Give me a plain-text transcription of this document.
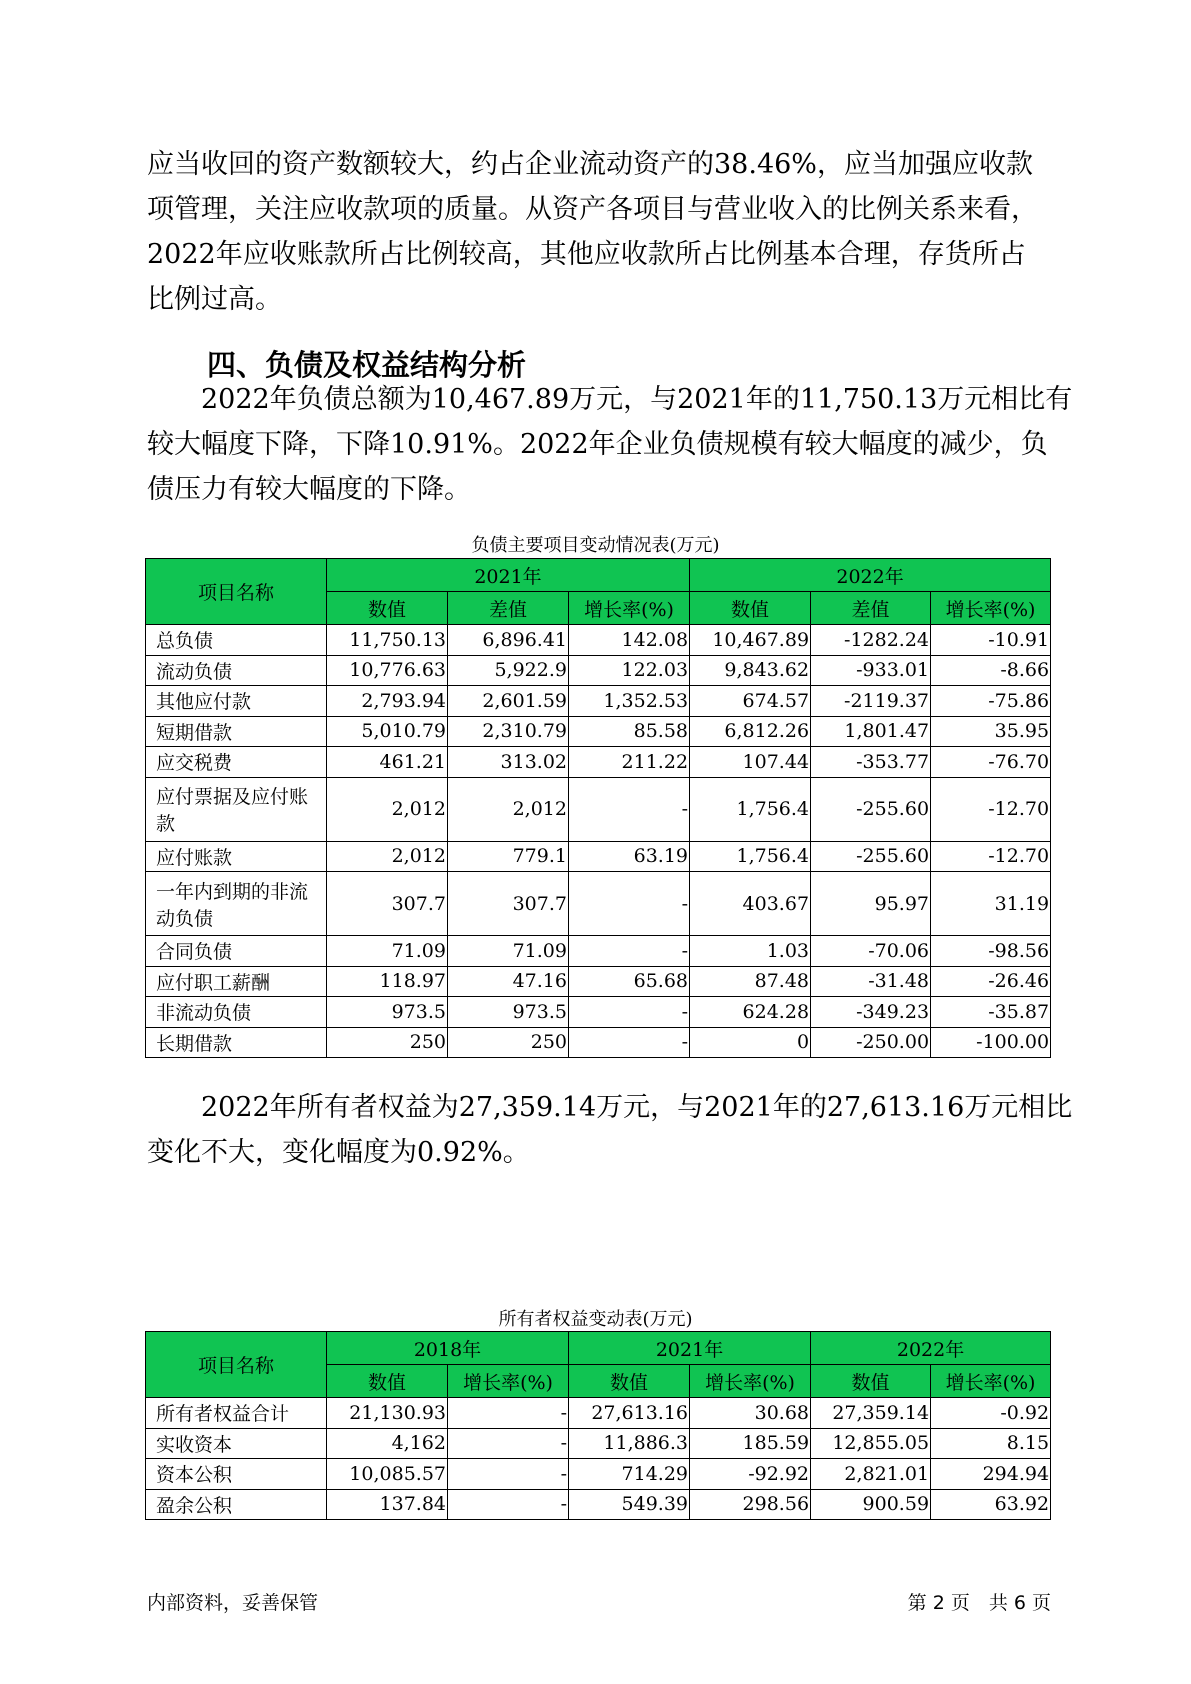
应当收回的资产数额较大，约占企业流动资产的38.46%，应当加强应收款
项管理，关注应收款项的质量。从资产各项目与营业收入的比例关系来看，
2022年应收账款所占比例较高，其他应收款所占比例基本合理，存货所占
比例过高。
四、负债及权益结构分析
　　2022年负债总额为10,467.89万元，与2021年的11,750.13万元相比有
较大幅度下降，下降10.91%。2022年企业负债规模有较大幅度的减少，负
债压力有较大幅度的下降。

负债主要项目变动情况表(万元)

项目名称	2021年			2022年		
	数值	差值	增长率(%)	数值	差值	增长率(%)
总负债	11,750.13	6,896.41	142.08	10,467.89	-1282.24	-10.91
流动负债	10,776.63	5,922.9	122.03	9,843.62	-933.01	-8.66
其他应付款	2,793.94	2,601.59	1,352.53	674.57	-2119.37	-75.86
短期借款	5,010.79	2,310.79	85.58	6,812.26	1,801.47	35.95
应交税费	461.21	313.02	211.22	107.44	-353.77	-76.70
应付票据及应付账款	2,012	2,012	-	1,756.4	-255.60	-12.70
应付账款	2,012	779.1	63.19	1,756.4	-255.60	-12.70
一年内到期的非流动负债	307.7	307.7	-	403.67	95.97	31.19
合同负债	71.09	71.09	-	1.03	-70.06	-98.56
应付职工薪酬	118.97	47.16	65.68	87.48	-31.48	-26.46
非流动负债	973.5	973.5	-	624.28	-349.23	-35.87
长期借款	250	250	-	0	-250.00	-100.00
　　2022年所有者权益为27,359.14万元，与2021年的27,613.16万元相比
变化不大，变化幅度为0.92%。

所有者权益变动表(万元)

项目名称	2018年		2021年		2022年	
	数值	增长率(%)	数值	增长率(%)	数值	增长率(%)
所有者权益合计	21,130.93	-	27,613.16	30.68	27,359.14	-0.92
实收资本	4,162	-	11,886.3	185.59	12,855.05	8.15
资本公积	10,085.57	-	714.29	-92.92	2,821.01	294.94
盈余公积	137.84	-	549.39	298.56	900.59	63.92
内部资料，妥善保管	第 2 页　共 6 页
